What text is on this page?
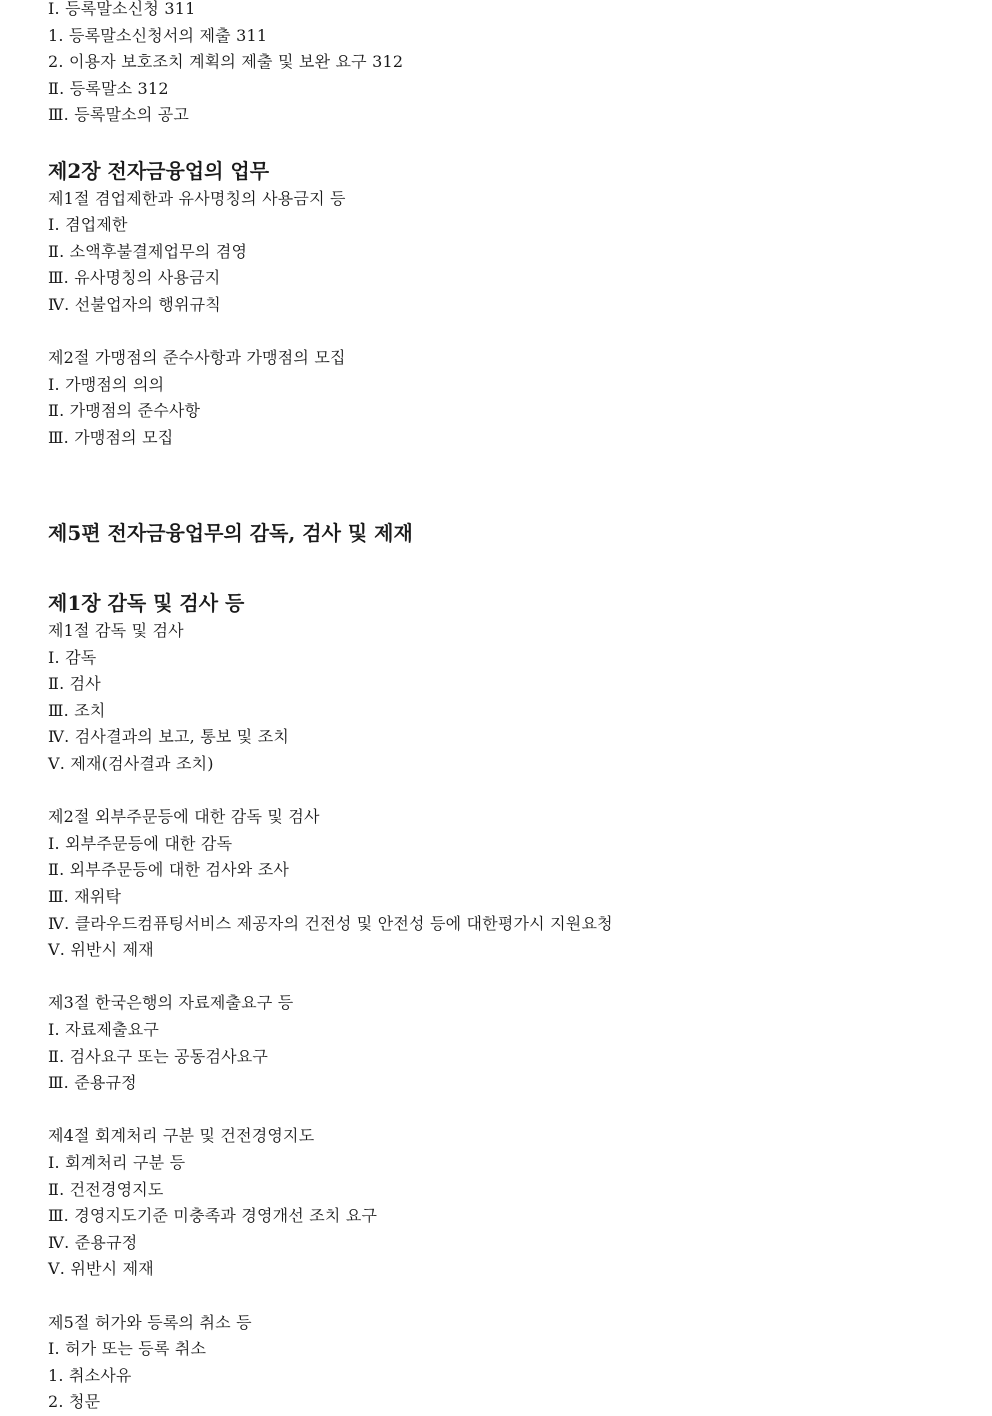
Ⅰ. 등록말소신청 311
1. 등록말소신청서의 제출 311
2. 이용자 보호조치 계획의 제출 및 보완 요구 312
Ⅱ. 등록말소 312
Ⅲ. 등록말소의 공고
제2장 전자금융업의 업무
제1절 겸업제한과 유사명칭의 사용금지 등
Ⅰ. 겸업제한
Ⅱ. 소액후불결제업무의 겸영
Ⅲ. 유사명칭의 사용금지
Ⅳ. 선불업자의 행위규칙
제2절 가맹점의 준수사항과 가맹점의 모집
Ⅰ. 가맹점의 의의
Ⅱ. 가맹점의 준수사항
Ⅲ. 가맹점의 모집
제5편 전자금융업무의 감독, 검사 및 제재
제1장 감독 및 검사 등
제1절 감독 및 검사
Ⅰ. 감독
Ⅱ. 검사
Ⅲ. 조치
Ⅳ. 검사결과의 보고, 통보 및 조치
Ⅴ. 제재(검사결과 조치)
제2절 외부주문등에 대한 감독 및 검사
Ⅰ. 외부주문등에 대한 감독
Ⅱ. 외부주문등에 대한 검사와 조사
Ⅲ. 재위탁
Ⅳ. 클라우드컴퓨팅서비스 제공자의 건전성 및 안전성 등에 대한평가시 지원요청
Ⅴ. 위반시 제재
제3절 한국은행의 자료제출요구 등
Ⅰ. 자료제출요구
Ⅱ. 검사요구 또는 공동검사요구
Ⅲ. 준용규정
제4절 회계처리 구분 및 건전경영지도
Ⅰ. 회계처리 구분 등
Ⅱ. 건전경영지도
Ⅲ. 경영지도기준 미충족과 경영개선 조치 요구
Ⅳ. 준용규정
Ⅴ. 위반시 제재
제5절 허가와 등록의 취소 등
Ⅰ. 허가 또는 등록 취소
1. 취소사유
2. 청문
